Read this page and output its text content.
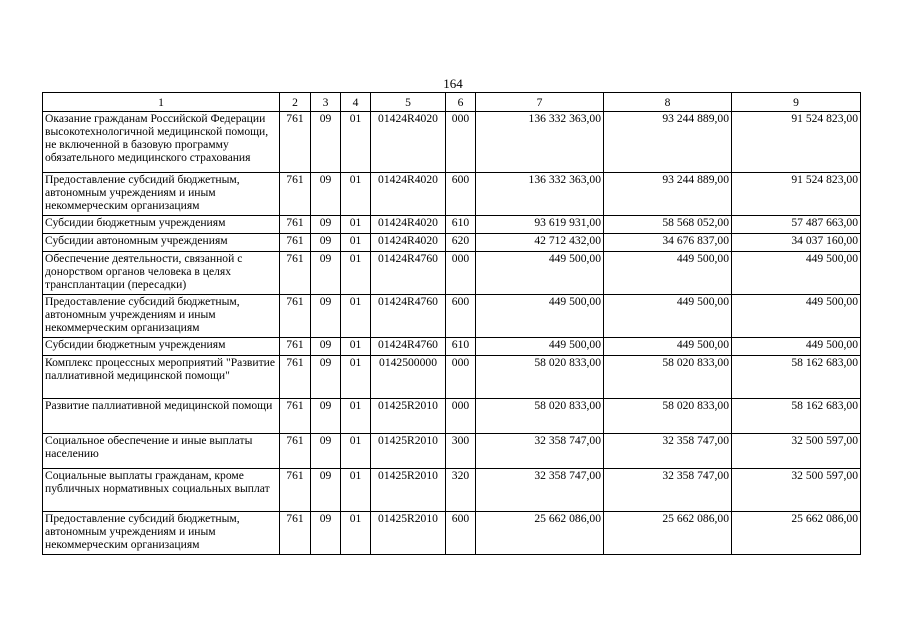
164
1	2	3	4	5	6	7	8	9
Оказание гражданам Российской Федерации высокотехнологичной медицинской помощи, не включенной в базовую программу обязательного медицинского страхования	761	09	01	01424R4020	000	136 332 363,00	93 244 889,00	91 524 823,00
Предоставление субсидий бюджетным, автономным учреждениям и иным некоммерческим организациям	761	09	01	01424R4020	600	136 332 363,00	93 244 889,00	91 524 823,00
Субсидии бюджетным учреждениям	761	09	01	01424R4020	610	93 619 931,00	58 568 052,00	57 487 663,00
Субсидии автономным учреждениям	761	09	01	01424R4020	620	42 712 432,00	34 676 837,00	34 037 160,00
Обеспечение деятельности, связанной с донорством органов человека в целях трансплантации (пересадки)	761	09	01	01424R4760	000	449 500,00	449 500,00	449 500,00
Предоставление субсидий бюджетным, автономным учреждениям и иным некоммерческим организациям	761	09	01	01424R4760	600	449 500,00	449 500,00	449 500,00
Субсидии бюджетным учреждениям	761	09	01	01424R4760	610	449 500,00	449 500,00	449 500,00
Комплекс процессных мероприятий "Развитие паллиативной медицинской помощи"	761	09	01	0142500000	000	58 020 833,00	58 020 833,00	58 162 683,00
Развитие паллиативной медицинской помощи	761	09	01	01425R2010	000	58 020 833,00	58 020 833,00	58 162 683,00
Социальное обеспечение и иные выплаты населению	761	09	01	01425R2010	300	32 358 747,00	32 358 747,00	32 500 597,00
Социальные выплаты гражданам, кроме публичных нормативных социальных выплат	761	09	01	01425R2010	320	32 358 747,00	32 358 747,00	32 500 597,00
Предоставление субсидий бюджетным, автономным учреждениям и иным некоммерческим организациям	761	09	01	01425R2010	600	25 662 086,00	25 662 086,00	25 662 086,00
